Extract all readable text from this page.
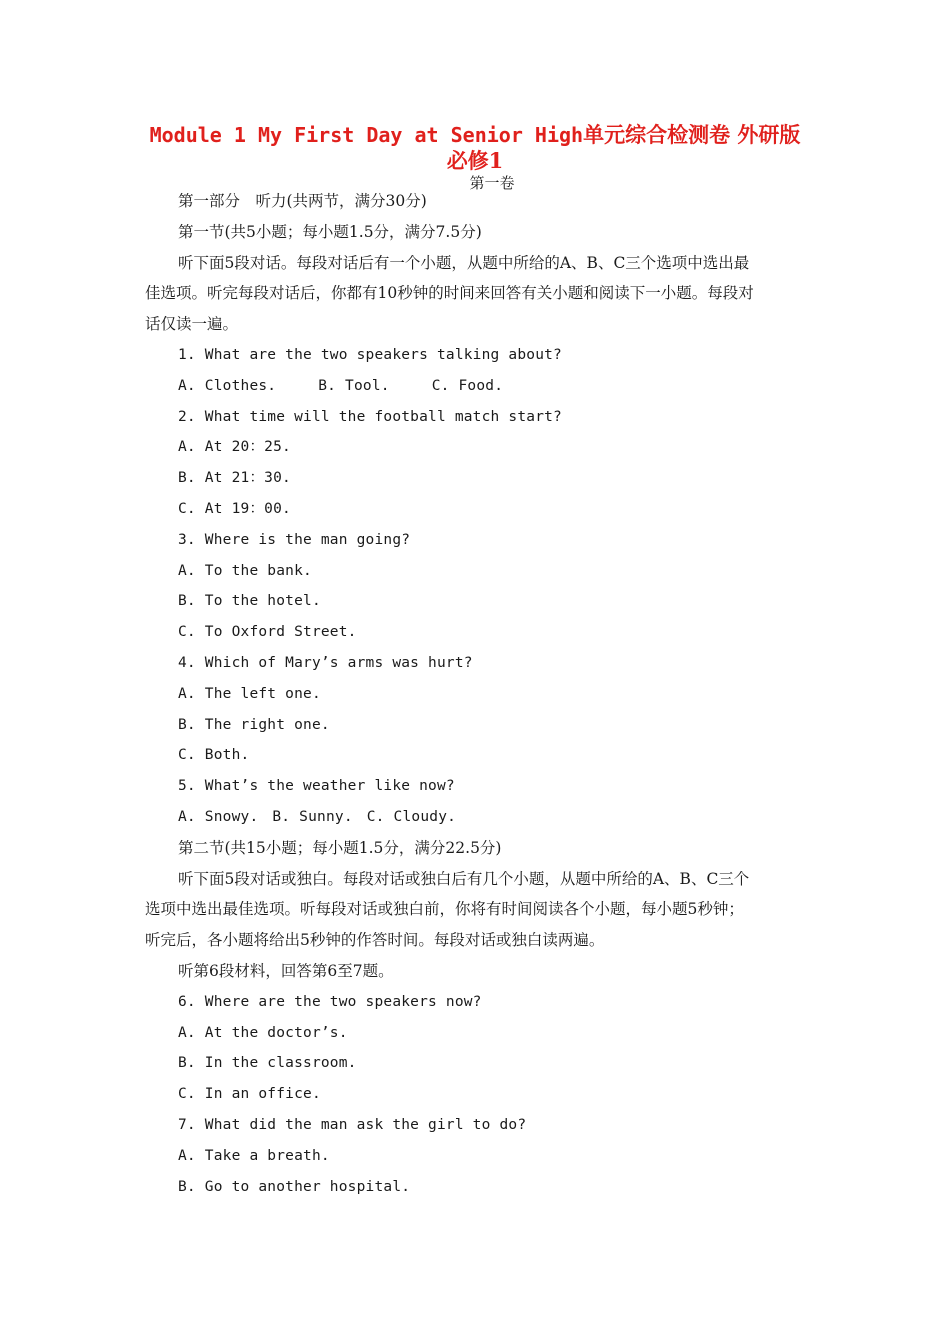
Module 1 My First Day at Senior High单元综合检测卷 外研版
必修1
第一卷
第一部分　听力(共两节，满分30分)
第一节(共5小题；每小题1.5分，满分7.5分)
听下面5段对话。每段对话后有一个小题，从题中所给的A、B、C三个选项中选出最
佳选项。听完每段对话后，你都有10秒钟的时间来回答有关小题和阅读下一小题。每段对
话仅读一遍。
1. What are the two speakers talking about?
A. Clothes.	B. Tool.	C. Food.
2. What time will the football match start?
A. At 20：25.
B. At 21：30.
C. At 19：00.
3. Where is the man going?
A. To the bank.
B. To the hotel.
C. To Oxford Street.
4. Which of Mary’s arms was hurt?
A. The left one.
B. The right one.
C. Both.
5. What’s the weather like now?
A. Snowy. B. Sunny. C. Cloudy.
第二节(共15小题；每小题1.5分，满分22.5分)
听下面5段对话或独白。每段对话或独白后有几个小题，从题中所给的A、B、C三个
选项中选出最佳选项。听每段对话或独白前，你将有时间阅读各个小题，每小题5秒钟；
听完后，各小题将给出5秒钟的作答时间。每段对话或独白读两遍。
听第6段材料，回答第6至7题。
6. Where are the two speakers now?
A. At the doctor’s.
B. In the classroom.
C. In an office.
7. What did the man ask the girl to do?
A. Take a breath.
B. Go to another hospital.
